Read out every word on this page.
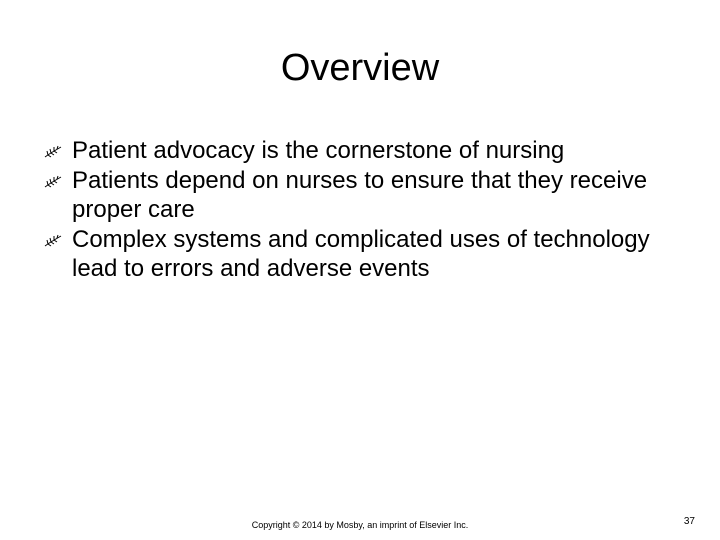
Overview
Patient advocacy is the cornerstone of nursing
Patients depend on nurses to ensure that they receive proper care
Complex systems and complicated uses of technology lead to errors and adverse events
Copyright © 2014 by Mosby, an imprint of Elsevier Inc.	37
